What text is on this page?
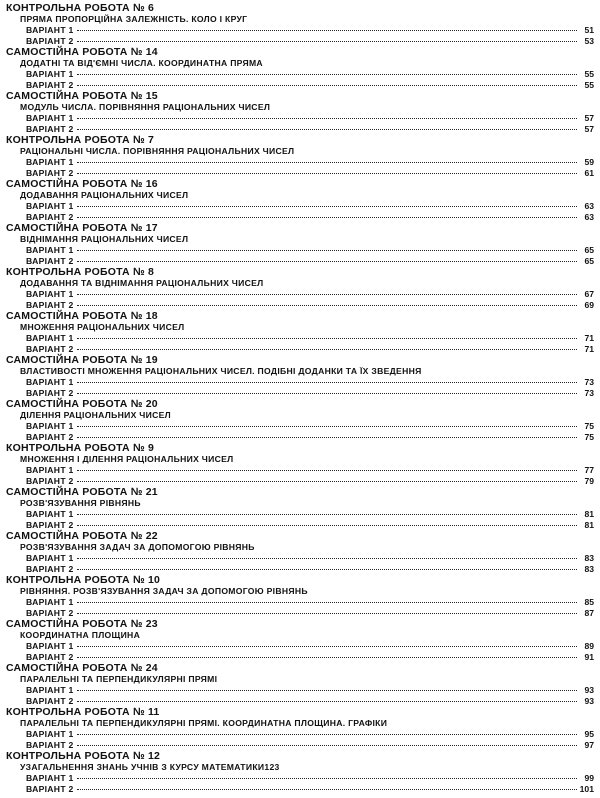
КОНТРОЛЬНА РОБОТА № 6
ПРЯМА ПРОПОРЦІЙНА ЗАЛЕЖНІСТЬ. КОЛО І КРУГ
ВАРІАНТ 1	51
ВАРІАНТ 2	53
САМОСТІЙНА РОБОТА № 14
ДОДАТНІ ТА ВІД'ЄМНІ ЧИСЛА. КООРДИНАТНА ПРЯМА
ВАРІАНТ 1	55
ВАРІАНТ 2	55
САМОСТІЙНА РОБОТА № 15
МОДУЛЬ ЧИСЛА. ПОРІВНЯННЯ РАЦІОНАЛЬНИХ ЧИСЕЛ
ВАРІАНТ 1	57
ВАРІАНТ 2	57
КОНТРОЛЬНА РОБОТА № 7
РАЦІОНАЛЬНІ ЧИСЛА. ПОРІВНЯННЯ РАЦІОНАЛЬНИХ ЧИСЕЛ
ВАРІАНТ 1	59
ВАРІАНТ 2	61
САМОСТІЙНА РОБОТА № 16
ДОДАВАННЯ РАЦІОНАЛЬНИХ ЧИСЕЛ
ВАРІАНТ 1	63
ВАРІАНТ 2	63
САМОСТІЙНА РОБОТА № 17
ВІДНІМАННЯ РАЦІОНАЛЬНИХ ЧИСЕЛ
ВАРІАНТ 1	65
ВАРІАНТ 2	65
КОНТРОЛЬНА РОБОТА № 8
ДОДАВАННЯ ТА ВІДНІМАННЯ РАЦІОНАЛЬНИХ ЧИСЕЛ
ВАРІАНТ 1	67
ВАРІАНТ 2	69
САМОСТІЙНА РОБОТА № 18
МНОЖЕННЯ РАЦІОНАЛЬНИХ ЧИСЕЛ
ВАРІАНТ 1	71
ВАРІАНТ 2	71
САМОСТІЙНА РОБОТА № 19
ВЛАСТИВОСТІ МНОЖЕННЯ РАЦІОНАЛЬНИХ ЧИСЕЛ. ПОДІБНІ ДОДАНКИ ТА ЇХ ЗВЕДЕННЯ
ВАРІАНТ 1	73
ВАРІАНТ 2	73
САМОСТІЙНА РОБОТА № 20
ДІЛЕННЯ РАЦІОНАЛЬНИХ ЧИСЕЛ
ВАРІАНТ 1	75
ВАРІАНТ 2	75
КОНТРОЛЬНА РОБОТА № 9
МНОЖЕННЯ І ДІЛЕННЯ РАЦІОНАЛЬНИХ ЧИСЕЛ
ВАРІАНТ 1	77
ВАРІАНТ 2	79
САМОСТІЙНА РОБОТА № 21
РОЗВ'ЯЗУВАННЯ РІВНЯНЬ
ВАРІАНТ 1	81
ВАРІАНТ 2	81
САМОСТІЙНА РОБОТА № 22
РОЗВ'ЯЗУВАННЯ ЗАДАЧ ЗА ДОПОМОГОЮ РІВНЯНЬ
ВАРІАНТ 1	83
ВАРІАНТ 2	83
КОНТРОЛЬНА РОБОТА № 10
РІВНЯННЯ. РОЗВ'ЯЗУВАННЯ ЗАДАЧ ЗА ДОПОМОГОЮ РІВНЯНЬ
ВАРІАНТ 1	85
ВАРІАНТ 2	87
САМОСТІЙНА РОБОТА № 23
КООРДИНАТНА ПЛОЩИНА
ВАРІАНТ 1	89
ВАРІАНТ 2	91
САМОСТІЙНА РОБОТА № 24
ПАРАЛЕЛЬНІ ТА ПЕРПЕНДИКУЛЯРНІ ПРЯМІ
ВАРІАНТ 1	93
ВАРІАНТ 2	93
КОНТРОЛЬНА РОБОТА № 11
ПАРАЛЕЛЬНІ ТА ПЕРПЕНДИКУЛЯРНІ ПРЯМІ. КООРДИНАТНА ПЛОЩИНА. ГРАФІКИ
ВАРІАНТ 1	95
ВАРІАНТ 2	97
КОНТРОЛЬНА РОБОТА № 12
УЗАГАЛЬНЕННЯ ЗНАНЬ УЧНІВ З КУРСУ МАТЕМАТИКИ123
ВАРІАНТ 1	99
ВАРІАНТ 2	101
